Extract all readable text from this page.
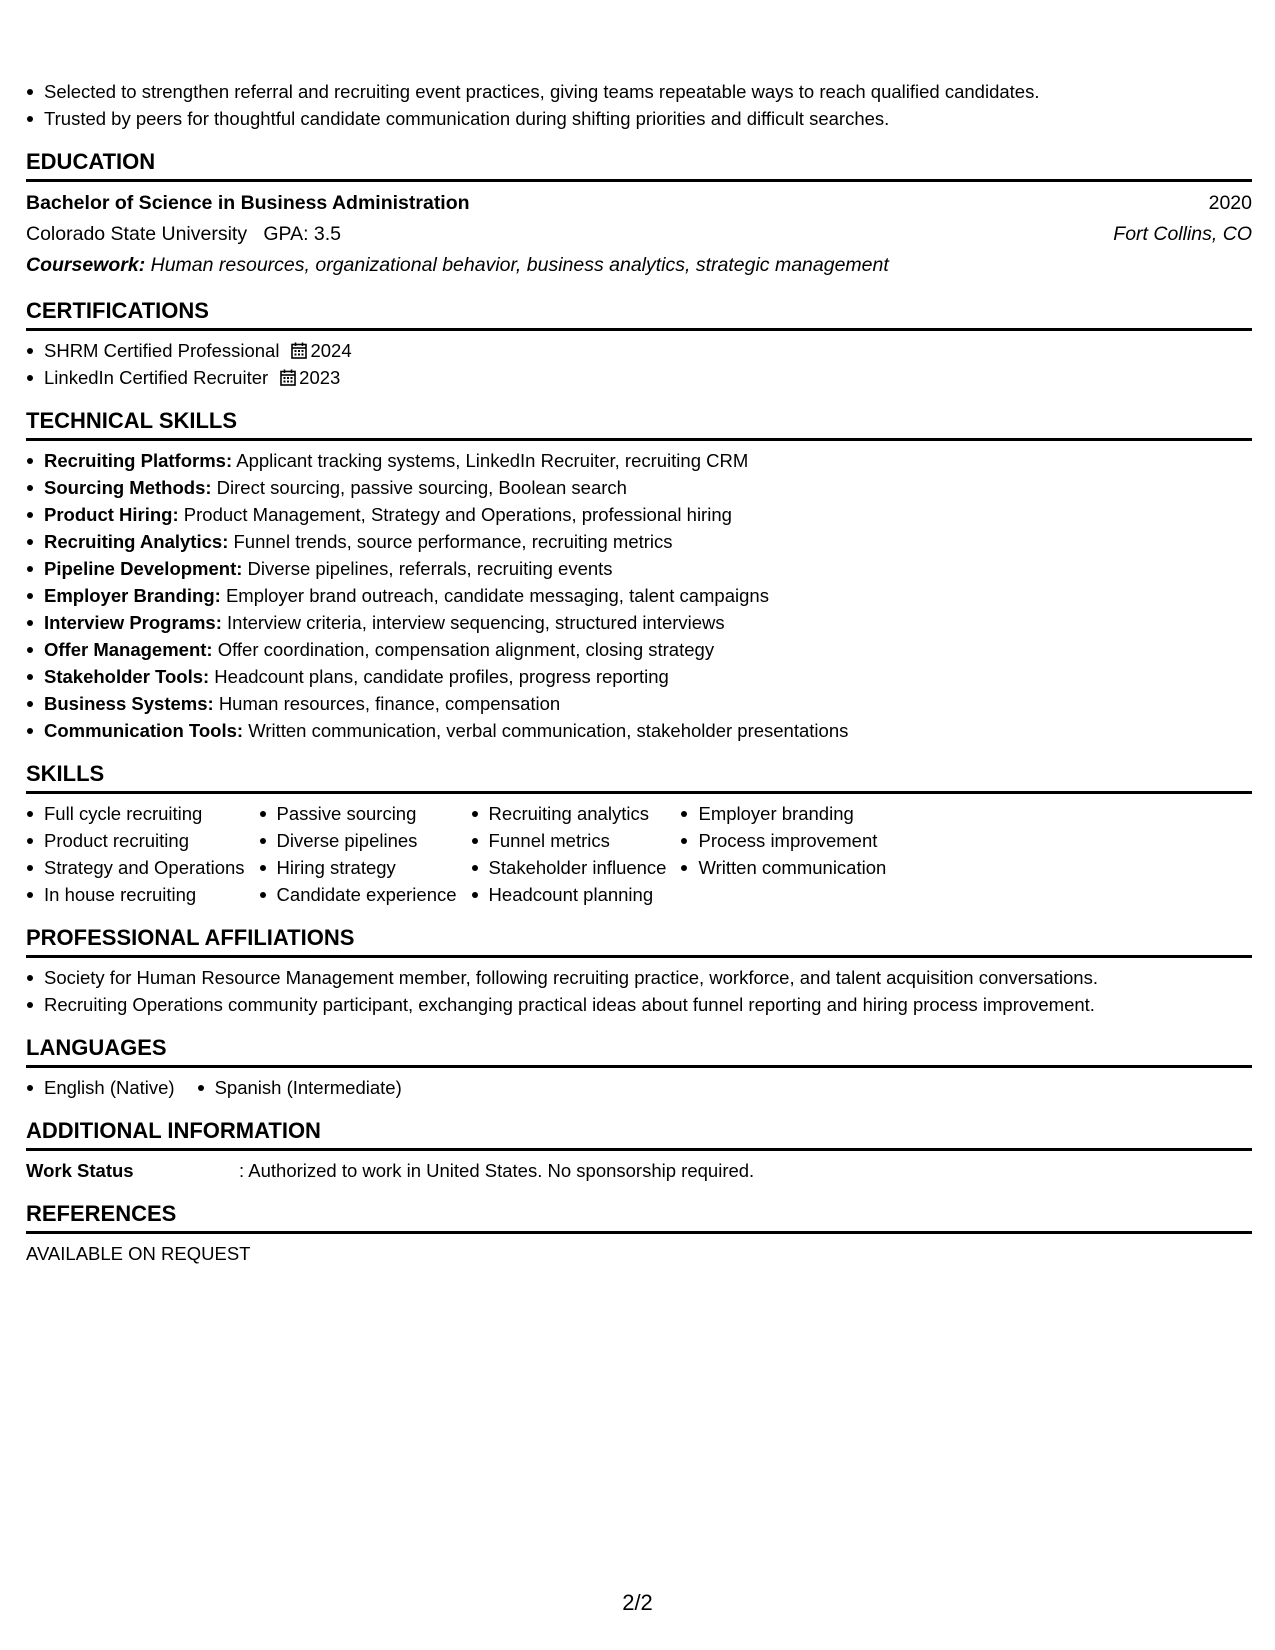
Selected to strengthen referral and recruiting event practices, giving teams repeatable ways to reach qualified candidates.
Trusted by peers for thoughtful candidate communication during shifting priorities and difficult searches.
EDUCATION
Bachelor of Science in Business Administration	2020
Colorado State University   GPA: 3.5	Fort Collins, CO
Coursework: Human resources, organizational behavior, business analytics, strategic management
CERTIFICATIONS
SHRM Certified Professional 2024
LinkedIn Certified Recruiter 2023
TECHNICAL SKILLS
Recruiting Platforms: Applicant tracking systems, LinkedIn Recruiter, recruiting CRM
Sourcing Methods: Direct sourcing, passive sourcing, Boolean search
Product Hiring: Product Management, Strategy and Operations, professional hiring
Recruiting Analytics: Funnel trends, source performance, recruiting metrics
Pipeline Development: Diverse pipelines, referrals, recruiting events
Employer Branding: Employer brand outreach, candidate messaging, talent campaigns
Interview Programs: Interview criteria, interview sequencing, structured interviews
Offer Management: Offer coordination, compensation alignment, closing strategy
Stakeholder Tools: Headcount plans, candidate profiles, progress reporting
Business Systems: Human resources, finance, compensation
Communication Tools: Written communication, verbal communication, stakeholder presentations
SKILLS
Full cycle recruiting
Product recruiting
Strategy and Operations
In house recruiting
Passive sourcing
Diverse pipelines
Hiring strategy
Candidate experience
Recruiting analytics
Funnel metrics
Stakeholder influence
Headcount planning
Employer branding
Process improvement
Written communication
PROFESSIONAL AFFILIATIONS
Society for Human Resource Management member, following recruiting practice, workforce, and talent acquisition conversations.
Recruiting Operations community participant, exchanging practical ideas about funnel reporting and hiring process improvement.
LANGUAGES
English (Native)	Spanish (Intermediate)
ADDITIONAL INFORMATION
Work Status	: Authorized to work in United States. No sponsorship required.
REFERENCES
AVAILABLE ON REQUEST
2/2
